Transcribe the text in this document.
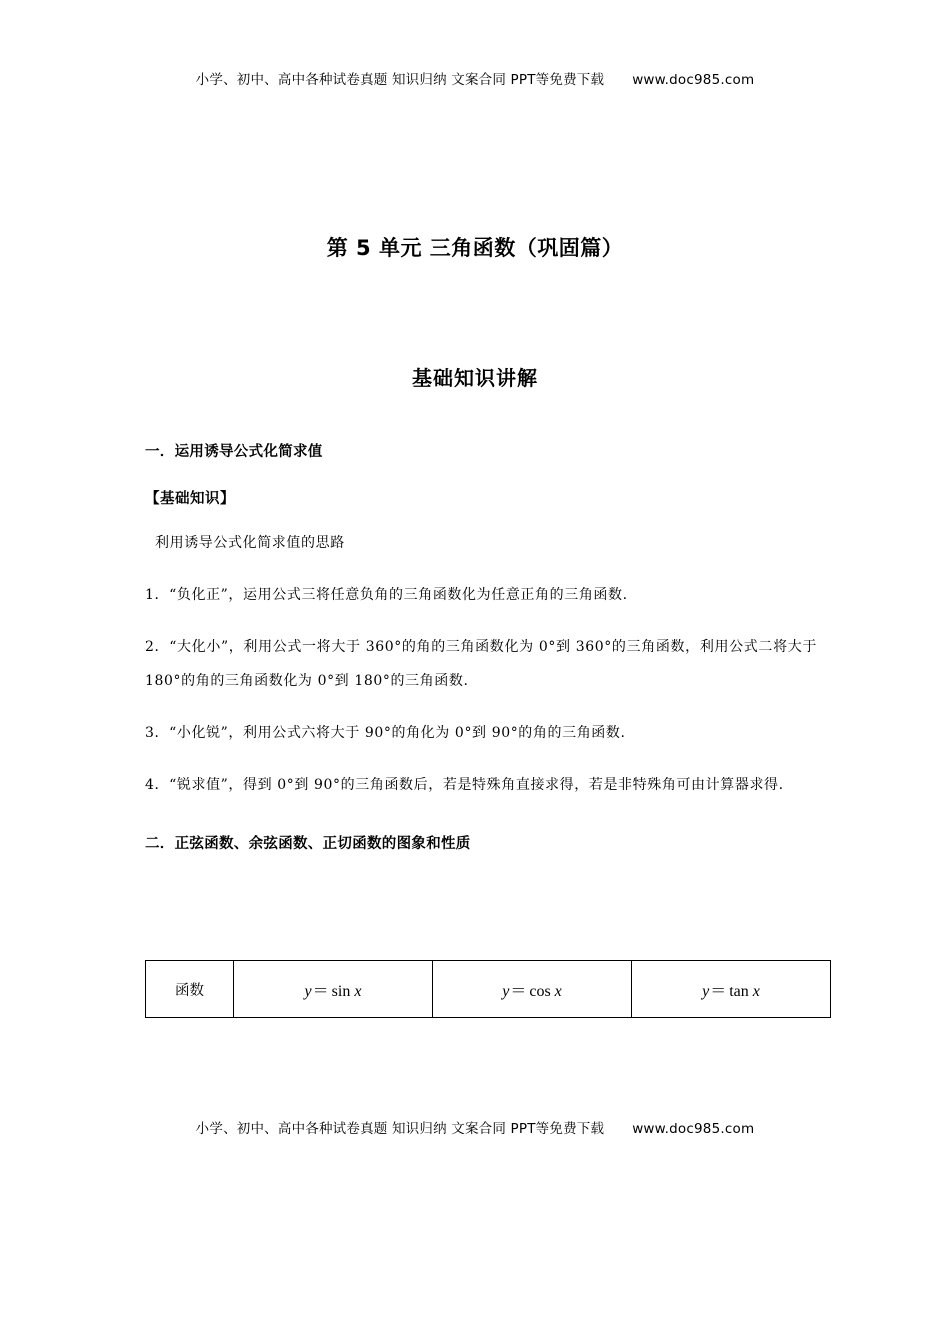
小学、初中、高中各种试卷真题 知识归纳 文案合同 PPT等免费下载 www.doc985.com
第 5 单元 三角函数（巩固篇）
基础知识讲解
一．运用诱导公式化简求值
【基础知识】
利用诱导公式化简求值的思路
1．“负化正”，运用公式三将任意负角的三角函数化为任意正角的三角函数.
2．“大化小”，利用公式一将大于 360°的角的三角函数化为 0°到 360°的三角函数，利用公式二将大于 180°的角的三角函数化为 0°到 180°的三角函数.
3．“小化锐”，利用公式六将大于 90°的角化为 0°到 90°的角的三角函数.
4．“锐求值”，得到 0°到 90°的三角函数后，若是特殊角直接求得，若是非特殊角可由计算器求得.
二．正弦函数、余弦函数、正切函数的图象和性质
函数	y＝ sin x	y＝ cos x	y＝ tan x
小学、初中、高中各种试卷真题 知识归纳 文案合同 PPT等免费下载 www.doc985.com
